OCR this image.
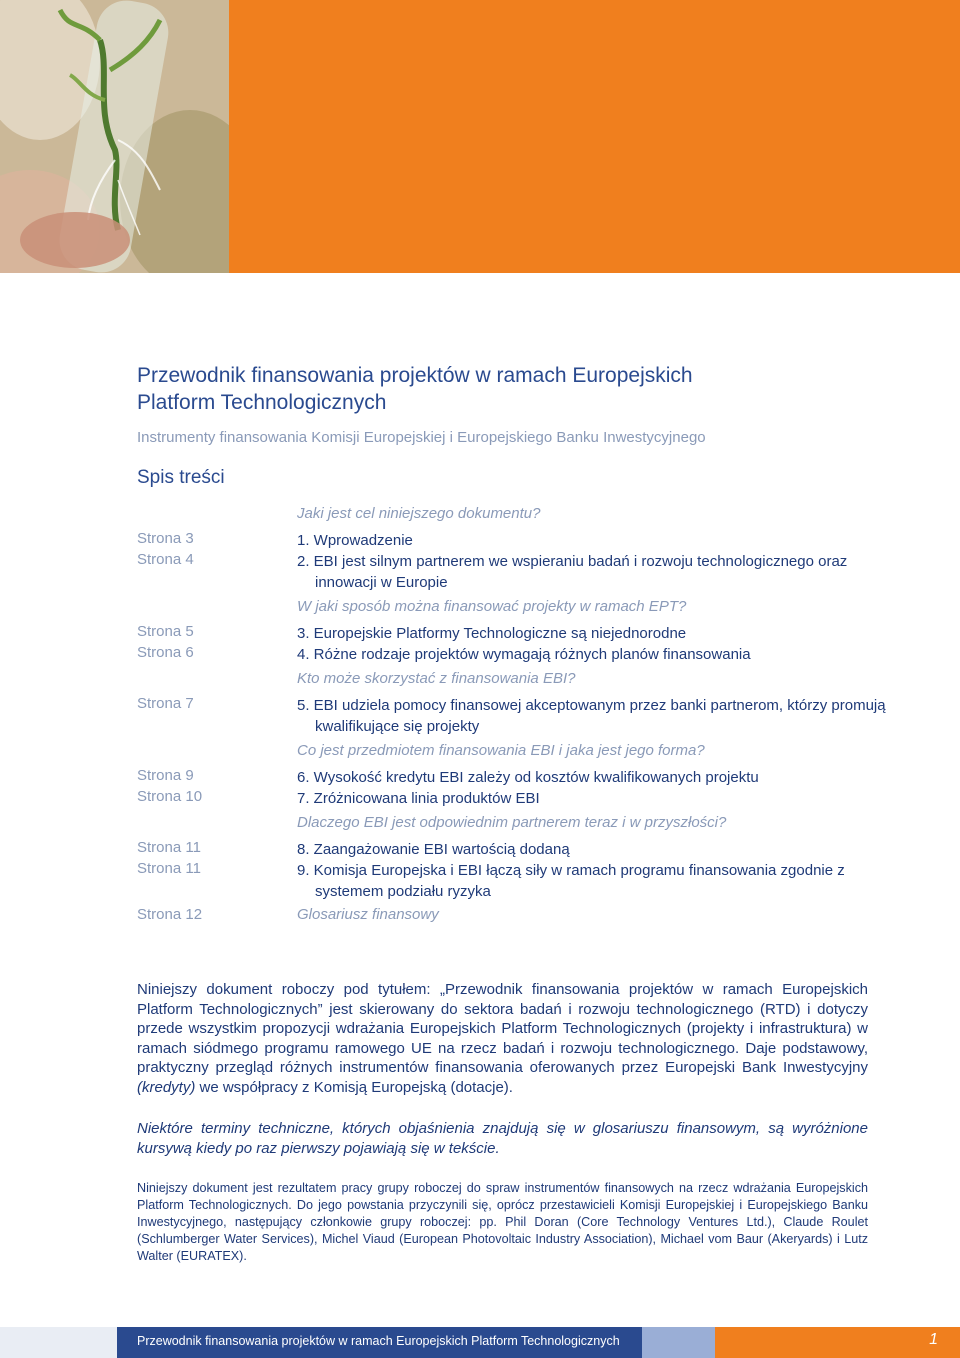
Przewodnik finansowania projektów w ramach Europejskich
Platform Technologicznych

Instrumenty finansowania Komisji Europejskiej i Europejskiego Banku Inwestycyjnego

Spis treści
Jaki jest cel niniejszego dokumentu?
Strona 3	1. Wprowadzenie
Strona 4	2. EBI jest silnym partnerem we wspieraniu badań i rozwoju technologicznego oraz innowacji w Europie
W jaki sposób można finansować projekty w ramach EPT?
Strona 5	3. Europejskie Platformy Technologiczne są niejednorodne
Strona 6	4. Różne rodzaje projektów wymagają różnych planów finansowania
Kto może skorzystać z finansowania EBI?
Strona 7	5. EBI udziela pomocy finansowej akceptowanym przez banki partnerom, którzy promują kwalifikujące się projekty
Co jest przedmiotem finansowania EBI i jaka jest jego forma?
Strona 9	6. Wysokość kredytu EBI zależy od kosztów kwalifikowanych projektu
Strona 10	7. Zróżnicowana linia produktów EBI
Dlaczego EBI jest odpowiednim partnerem teraz i w przyszłości?
Strona 11	8. Zaangażowanie EBI wartością dodaną
Strona 11	9. Komisja Europejska i EBI łączą siły w ramach programu finansowania zgodnie z systemem podziału ryzyka
Strona 12	Glosariusz finansowy

Niniejszy dokument roboczy pod tytułem: „Przewodnik finansowania projektów w ramach Europejskich Platform Technologicznych” jest skierowany do sektora badań i rozwoju technologicznego (RTD) i dotyczy przede wszystkim propozycji wdrażania Europejskich Platform Technologicznych (projekty i infrastruktura) w ramach siódmego programu ramowego UE na rzecz badań i rozwoju technologicznego. Daje podstawowy, praktyczny przegląd różnych instrumentów finansowania oferowanych przez Europejski Bank Inwestycyjny (kredyty) we współpracy z Komisją Europejską (dotacje).

Niektóre terminy techniczne, których objaśnienia znajdują się w glosariuszu finansowym, są wyróżnione kursywą kiedy po raz pierwszy pojawiają się w tekście.

Niniejszy dokument jest rezultatem pracy grupy roboczej do spraw instrumentów finansowych na rzecz wdrażania Europejskich Platform Technologicznych. Do jego powstania przyczynili się, oprócz przestawicieli Komisji Europejskiej i Europejskiego Banku Inwestycyjnego, następujący członkowie grupy roboczej: pp. Phil Doran (Core Technology Ventures Ltd.), Claude Roulet (Schlumberger Water Services), Michel Viaud (European Photovoltaic Industry Association), Michael vom Baur (Akeryards) i Lutz Walter (EURATEX).

Przewodnik finansowania projektów w ramach Europejskich Platform Technologicznych	1
